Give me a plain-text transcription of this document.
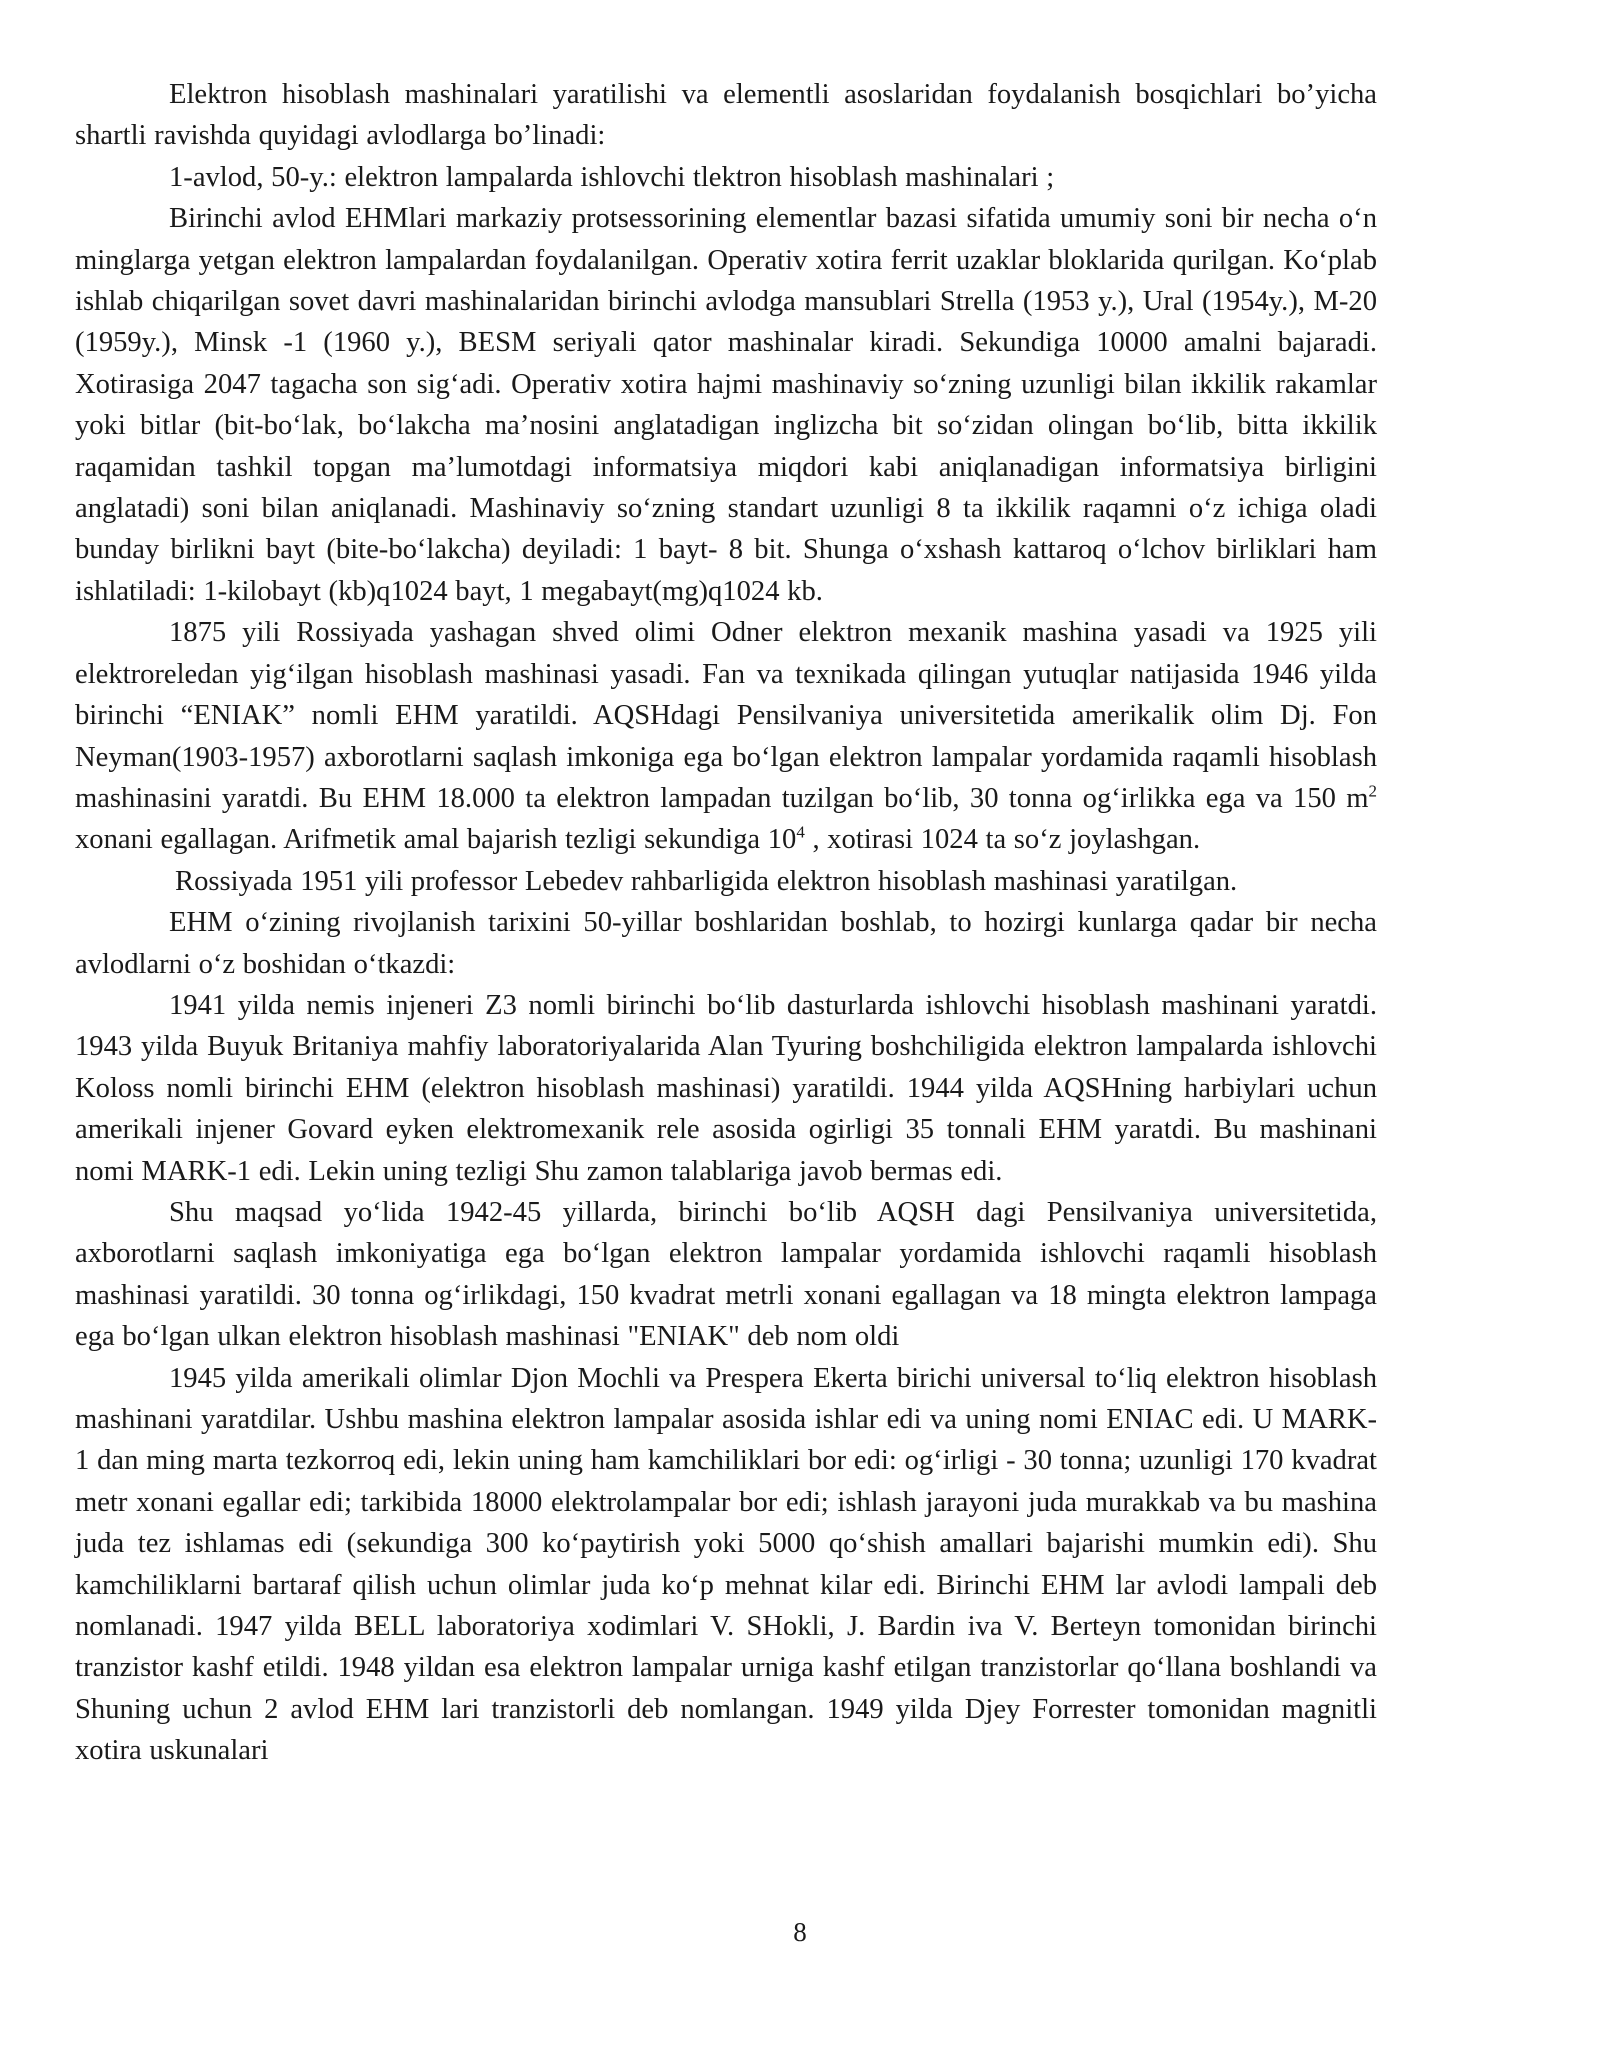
Elektron hisoblash mashinalari yaratilishi va elementli asoslaridan foydalanish bosqichlari bo’yicha shartli ravishda quyidagi avlodlarga bo’linadi:

1-avlod, 50-y.: elektron lampalarda ishlovchi tlektron hisoblash mashinalari ;

Birinchi avlod EHMlari markaziy protsessorining elementlar bazasi sifatida umumiy soni bir necha o‘n minglarga yetgan elektron lampalardan foydalanilgan. Operativ xotira ferrit uzaklar bloklarida qurilgan. Ko‘plab ishlab chiqarilgan sovet davri mashinalaridan birinchi avlodga mansublari Strella (1953 y.), Ural (1954y.), M-20 (1959y.), Minsk -1 (1960 y.), BESM seriyali qator mashinalar kiradi. Sekundiga 10000 amalni bajaradi. Xotirasiga 2047 tagacha son sig‘adi. Operativ xotira hajmi mashinaviy so‘zning uzunligi bilan ikkilik rakamlar yoki bitlar (bit-bo‘lak, bo‘lakcha ma’nosini anglatadigan inglizcha bit so‘zidan olingan bo‘lib, bitta ikkilik raqamidan tashkil topgan ma’lumotdagi informatsiya miqdori kabi aniqlanadigan informatsiya birligini anglatadi) soni bilan aniqlanadi. Mashinaviy so‘zning standart uzunligi 8 ta ikkilik raqamni o‘z ichiga oladi bunday birlikni bayt (bite-bo‘lakcha) deyiladi: 1 bayt- 8 bit. Shunga o‘xshash kattaroq o‘lchov birliklari ham ishlatiladi: 1-kilobayt (kb)q1024 bayt, 1 megabayt(mg)q1024 kb.

1875 yili Rossiyada yashagan shved olimi Odner elektron mexanik mashina yasadi va 1925 yili elektroreledan yig‘ilgan hisoblash mashinasi yasadi. Fan va texnikada qilingan yutuqlar natijasida 1946 yilda birinchi “ENIAK” nomli EHM yaratildi. AQSHdagi Pensilvaniya universitetida amerikalik olim Dj. Fon Neyman(1903-1957) axborotlarni saqlash imkoniga ega bo‘lgan elektron lampalar yordamida raqamli hisoblash mashinasini yaratdi. Bu EHM 18.000 ta elektron lampadan tuzilgan bo‘lib, 30 tonna og‘irlikka ega va 150 $m^2$ xonani egallagan. Arifmetik amal bajarish tezligi sekundiga $10^4$ , xotirasi 1024 ta so‘z joylashgan.

Rossiyada 1951 yili professor Lebedev rahbarligida elektron hisoblash mashinasi yaratilgan.

EHM o‘zining rivojlanish tarixini 50-yillar boshlaridan boshlab, to hozirgi kunlarga qadar bir necha avlodlarni o‘z boshidan o‘tkazdi:

1941 yilda nemis injeneri Z3 nomli birinchi bo‘lib dasturlarda ishlovchi hisoblash mashinani yaratdi. 1943 yilda Buyuk Britaniya mahfiy laboratoriyalarida Alan Tyuring boshchiligida elektron lampalarda ishlovchi Koloss nomli birinchi EHM (elektron hisoblash mashinasi) yaratildi. 1944 yilda AQSHning harbiylari uchun amerikali injener Govard eyken elektromexanik rele asosida ogirligi 35 tonnali EHM yaratdi. Bu mashinani nomi MARK-1 edi. Lekin uning tezligi Shu zamon talablariga javob bermas edi.

Shu maqsad yo‘lida 1942-45 yillarda, birinchi bo‘lib AQSH dagi Pensilvaniya universitetida, axborotlarni saqlash imkoniyatiga ega bo‘lgan elektron lampalar yordamida ishlovchi raqamli hisoblash mashinasi yaratildi. 30 tonna og‘irlikdagi, 150 kvadrat metrli xonani egallagan va 18 mingta elektron lampaga ega bo‘lgan ulkan elektron hisoblash mashinasi "ENIAK" deb nom oldi

1945 yilda amerikali olimlar Djon Mochli va Prespera Ekerta birichi universal to‘liq elektron hisoblash mashinani yaratdilar. Ushbu mashina elektron lampalar asosida ishlar edi va uning nomi ENIAC edi. U MARK-1 dan ming marta tezkorroq edi, lekin uning ham kamchiliklari bor edi: og‘irligi - 30 tonna; uzunligi 170 kvadrat metr xonani egallar edi; tarkibida 18000 elektrolampalar bor edi; ishlash jarayoni juda murakkab va bu mashina juda tez ishlamas edi (sekundiga 300 ko‘paytirish yoki 5000 qo‘shish amallari bajarishi mumkin edi). Shu kamchiliklarni bartaraf qilish uchun olimlar juda ko‘p mehnat kilar edi. Birinchi EHM lar avlodi lampali deb nomlanadi. 1947 yilda BELL laboratoriya xodimlari V. SHokli, J. Bardin iva V. Berteyn tomonidan birinchi tranzistor kashf etildi. 1948 yildan esa elektron lampalar urniga kashf etilgan tranzistorlar qo‘llana boshlandi va Shuning uchun 2 avlod EHM lari tranzistorli deb nomlangan. 1949 yilda Djey Forrester tomonidan magnitli xotira uskunalari

8
